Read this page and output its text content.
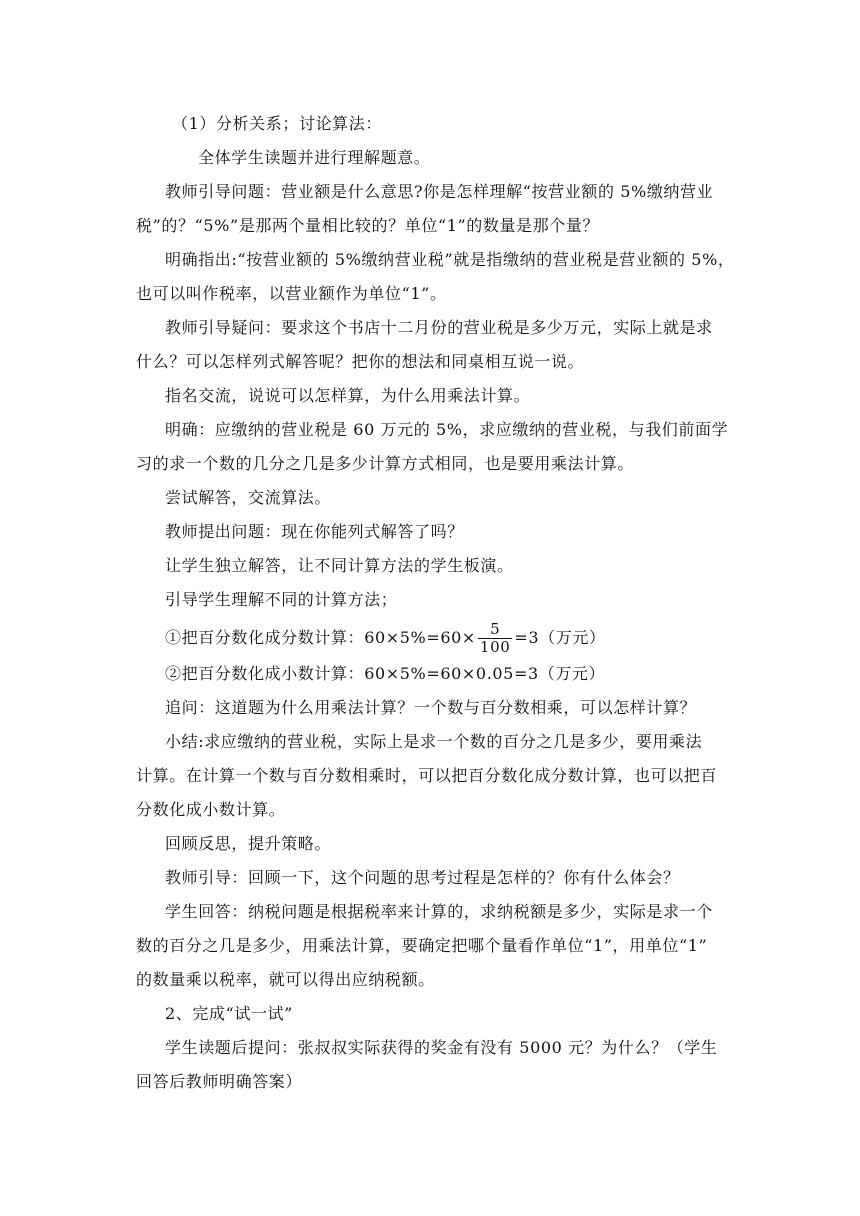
（1）分析关系；讨论算法：
全体学生读题并进行理解题意。
教师引导问题：营业额是什么意思?你是怎样理解“按营业额的 5%缴纳营业
税”的？“5%”是那两个量相比较的？单位“1”的数量是那个量？
明确指出:“按营业额的 5%缴纳营业税”就是指缴纳的营业税是营业额的 5%，
也可以叫作税率，以营业额作为单位“1”。
教师引导疑问：要求这个书店十二月份的营业税是多少万元，实际上就是求
什么？可以怎样列式解答呢？把你的想法和同桌相互说一说。
指名交流，说说可以怎样算，为什么用乘法计算。
明确：应缴纳的营业税是 60 万元的 5%，求应缴纳的营业税，与我们前面学
习的求一个数的几分之几是多少计算方式相同，也是要用乘法计算。
尝试解答，交流算法。
教师提出问题：现在你能列式解答了吗？
让学生独立解答，让不同计算方法的学生板演。
引导学生理解不同的计算方法；
①把百分数化成分数计算：$60\times 5\%=60\times \frac{5}{100} =3$（万元）
②把百分数化成小数计算：60×5%=60×0.05=3（万元）
追问：这道题为什么用乘法计算？一个数与百分数相乘，可以怎样计算？
小结:求应缴纳的营业税，实际上是求一个数的百分之几是多少，要用乘法
计算。在计算一个数与百分数相乘时，可以把百分数化成分数计算，也可以把百
分数化成小数计算。
回顾反思，提升策略。
教师引导：回顾一下，这个问题的思考过程是怎样的？你有什么体会？
学生回答：纳税问题是根据税率来计算的，求纳税额是多少，实际是求一个
数的百分之几是多少，用乘法计算，要确定把哪个量看作单位“1”，用单位“1”
的数量乘以税率，就可以得出应纳税额。
2、完成“试一试”
学生读题后提问：张叔叔实际获得的奖金有没有 5000 元？为什么？（学生
回答后教师明确答案）
